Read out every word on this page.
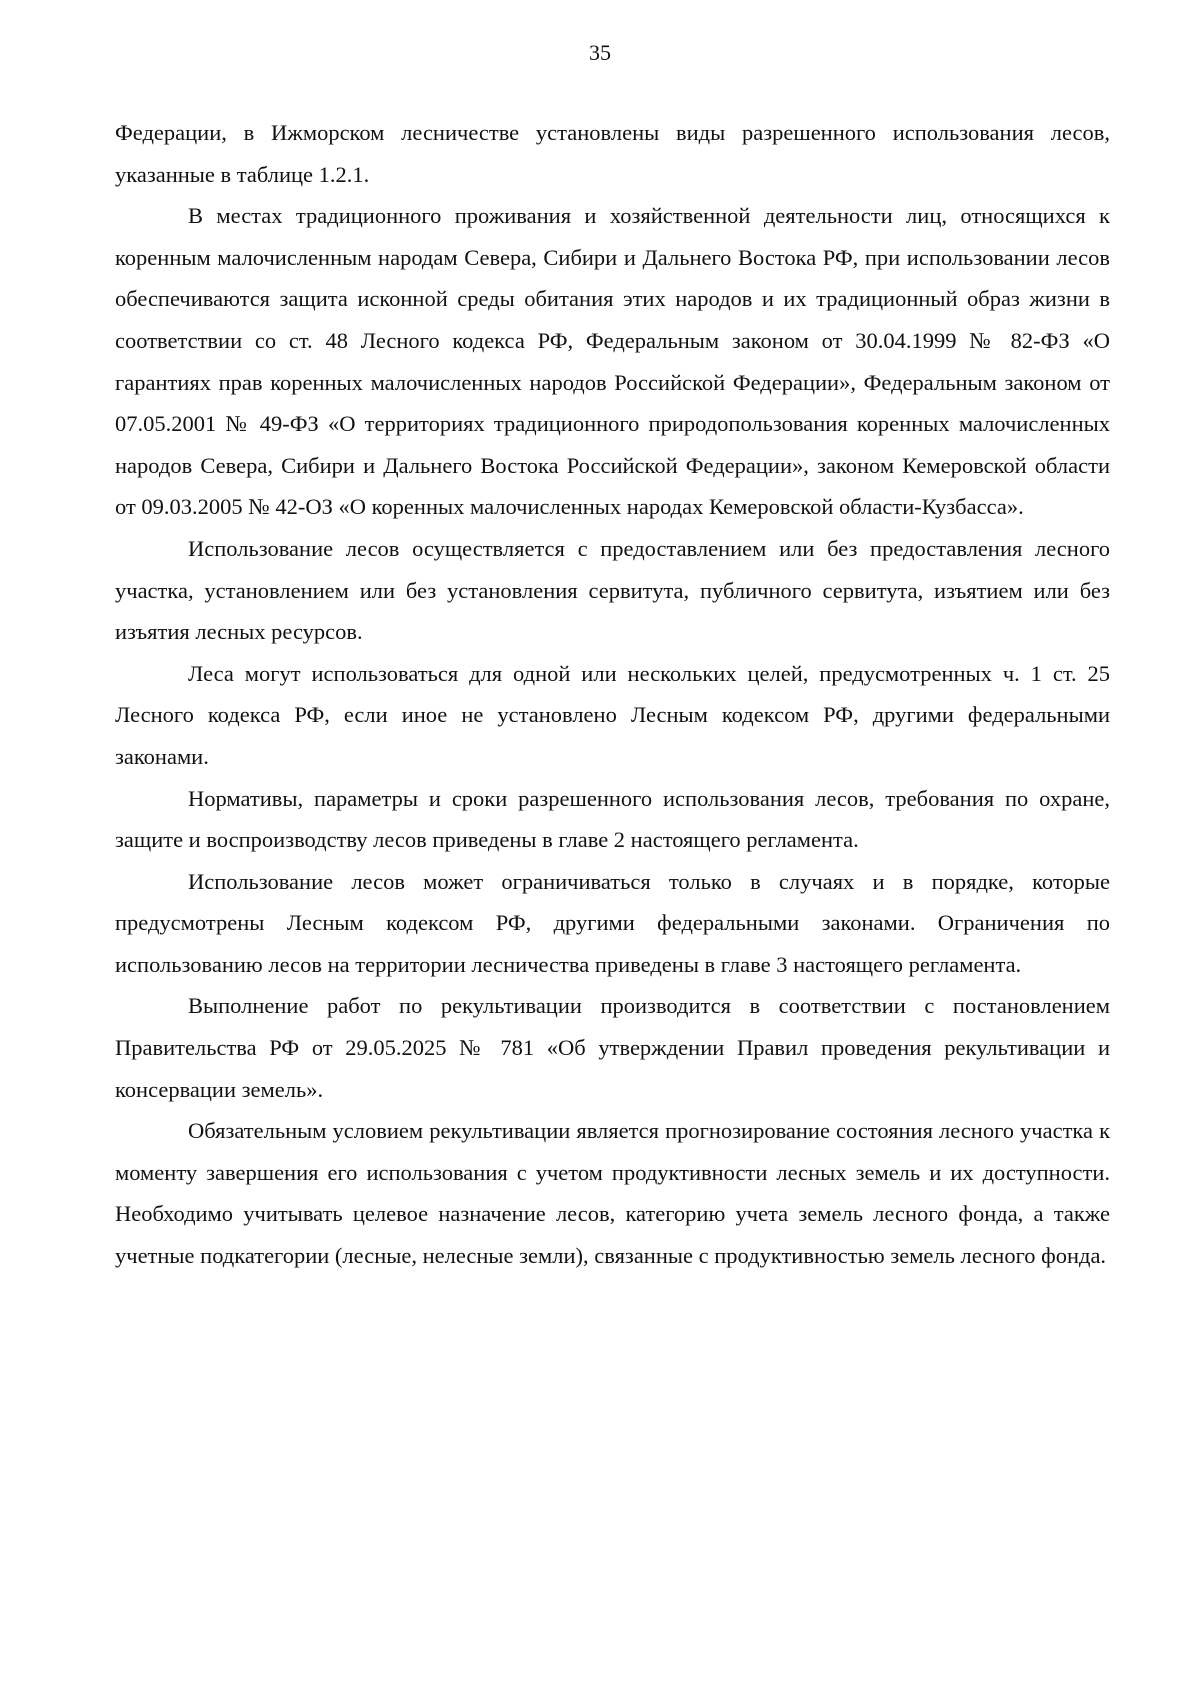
35

Федерации, в Ижморском лесничестве установлены виды разрешенного использования лесов, указанные в таблице 1.2.1.

В местах традиционного проживания и хозяйственной деятельности лиц, относящихся к коренным малочисленным народам Севера, Сибири и Дальнего Востока РФ, при использовании лесов обеспечиваются защита исконной среды обитания этих народов и их традиционный образ жизни в соответствии со ст. 48 Лесного кодекса РФ, Федеральным законом от 30.04.1999 № 82-ФЗ «О гарантиях прав коренных малочисленных народов Российской Федерации», Федеральным законом от 07.05.2001 № 49-ФЗ «О территориях традиционного природопользования коренных малочисленных народов Севера, Сибири и Дальнего Востока Российской Федерации», законом Кемеровской области от 09.03.2005 № 42-ОЗ «О коренных малочисленных народах Кемеровской области-Кузбасса».

Использование лесов осуществляется с предоставлением или без предоставления лесного участка, установлением или без установления сервитута, публичного сервитута, изъятием или без изъятия лесных ресурсов.

Леса могут использоваться для одной или нескольких целей, предусмотренных ч. 1 ст. 25 Лесного кодекса РФ, если иное не установлено Лесным кодексом РФ, другими федеральными законами.

Нормативы, параметры и сроки разрешенного использования лесов, требования по охране, защите и воспроизводству лесов приведены в главе 2 настоящего регламента.

Использование лесов может ограничиваться только в случаях и в порядке, которые предусмотрены Лесным кодексом РФ, другими федеральными законами. Ограничения по использованию лесов на территории лесничества приведены в главе 3 настоящего регламента.

Выполнение работ по рекультивации производится в соответствии с постановлением Правительства РФ от 29.05.2025 № 781 «Об утверждении Правил проведения рекультивации и консервации земель».

Обязательным условием рекультивации является прогнозирование состояния лесного участка к моменту завершения его использования с учетом продуктивности лесных земель и их доступности. Необходимо учитывать целевое назначение лесов, категорию учета земель лесного фонда, а также учетные подкатегории (лесные, нелесные земли), связанные с продуктивностью земель лесного фонда.
